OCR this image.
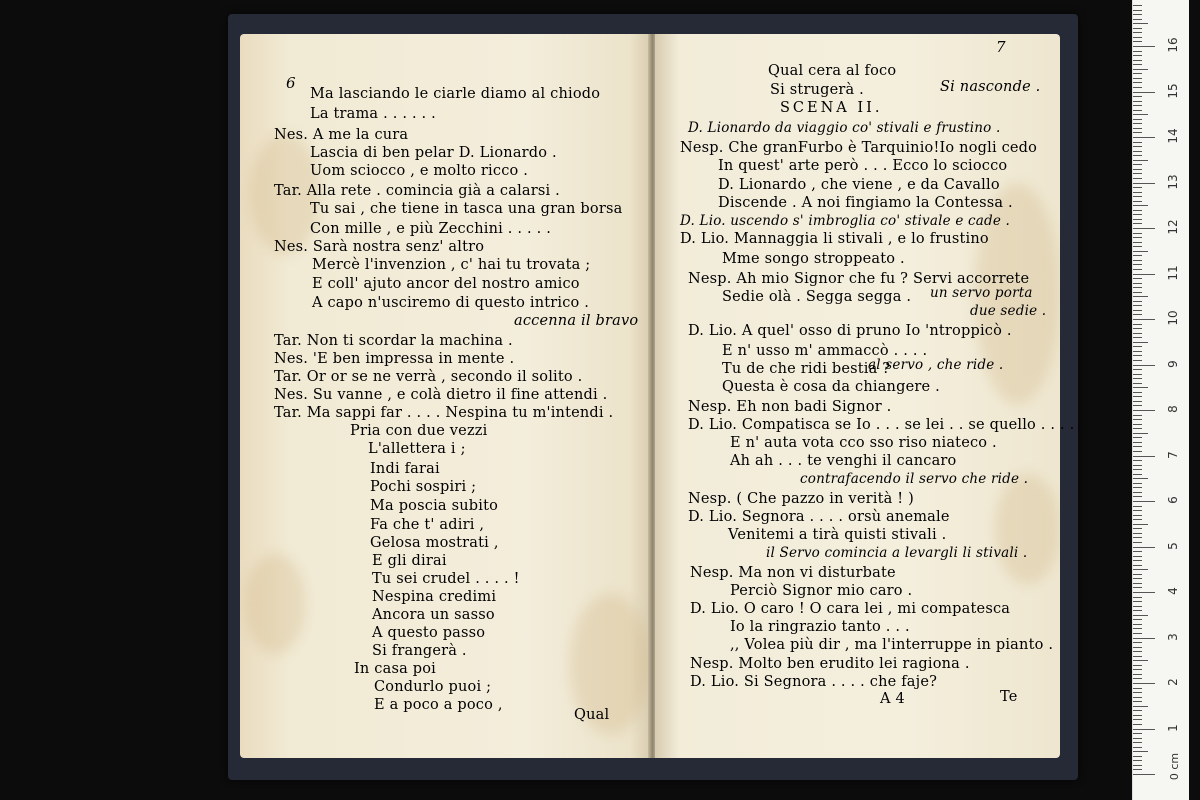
6
Ma lasciando le ciarle diamo al chiodo
La trama . . . . . .
Nes. A me la cura
Lascia di ben pelar D. Lionardo .
Uom sciocco , e molto ricco .
Tar. Alla rete . comincia già a calarsi .
Tu sai , che tiene in tasca una gran borsa
Con mille , e più Zecchini . . . . .
Nes. Sarà nostra senz' altro
Mercè l'invenzion , c' hai tu trovata ;
E coll' ajuto ancor del nostro amico
A capo n'usciremo di questo intrico .
accenna il bravo
Tar. Non ti scordar la machina .
Nes. 'E ben impressa in mente .
Tar. Or or se ne verrà , secondo il solito .
Nes. Su vanne , e colà dietro il fine attendi .
Tar. Ma sappi far . . . . Nespina tu m'intendi .
Pria con due vezzi
L'allettera i ;
Indi farai
Pochi sospiri ;
Ma poscia subito
Fa che t' adiri ,
Gelosa mostrati ,
E gli dirai
Tu sei crudel . . . . !
Nespina credimi
Ancora un sasso
A questo passo
Si frangerà .
In casa poi
Condurlo puoi ;
E a poco a poco ,
Qual
7
Qual cera al foco
Si strugerà .	Si nasconde .
SCENA II.
D. Lionardo da viaggio co' stivali e frustino .
Nesp. Che granFurbo è Tarquinio!Io nogli cedo
In quest' arte però . . . Ecco lo sciocco
D. Lionardo , che viene , e da Cavallo
Discende . A noi fingiamo la Contessa .
D. Lio. uscendo s' imbroglia co' stivale e cade .
D. Lio. Mannaggia li stivali , e lo frustino
Mme songo stroppeato .
Nesp. Ah mio Signor che fu ? Servi accorrete
Sedie olà . Segga segga . un servo porta
due sedie .
D. Lio. A quel' osso di pruno Io 'ntroppicò .
E n' usso m' ammaccò . . . .
Tu de che ridi bestia ?
al servo , che ride .
Questa è cosa da chiangere .
Nesp. Eh non badi Signor .
D. Lio. Compatisca se Io . . . se lei . . se quello . . . .
E n' auta vota cco sso riso niateco .
Ah ah . . . te venghi il cancaro
contrafacendo il servo che ride .
Nesp. ( Che pazzo in verità ! )
D. Lio. Segnora . . . . orsù anemale
Venitemi a tirà quisti stivali .
il Servo comincia a levargli li stivali .
Nesp. Ma non vi disturbate
Perciò Signor mio caro .
D. Lio. O caro ! O cara lei , mi compatesca
Io la ringrazio tanto . . .
,, Volea più dir , ma l'interruppe in pianto .
Nesp. Molto ben erudito lei ragiona .
D. Lio. Si Segnora . . . . che faje?
A 4	Te
0 cm
1
2
3
4
5
6
7
8
9
10
11
12
13
14
15
16
